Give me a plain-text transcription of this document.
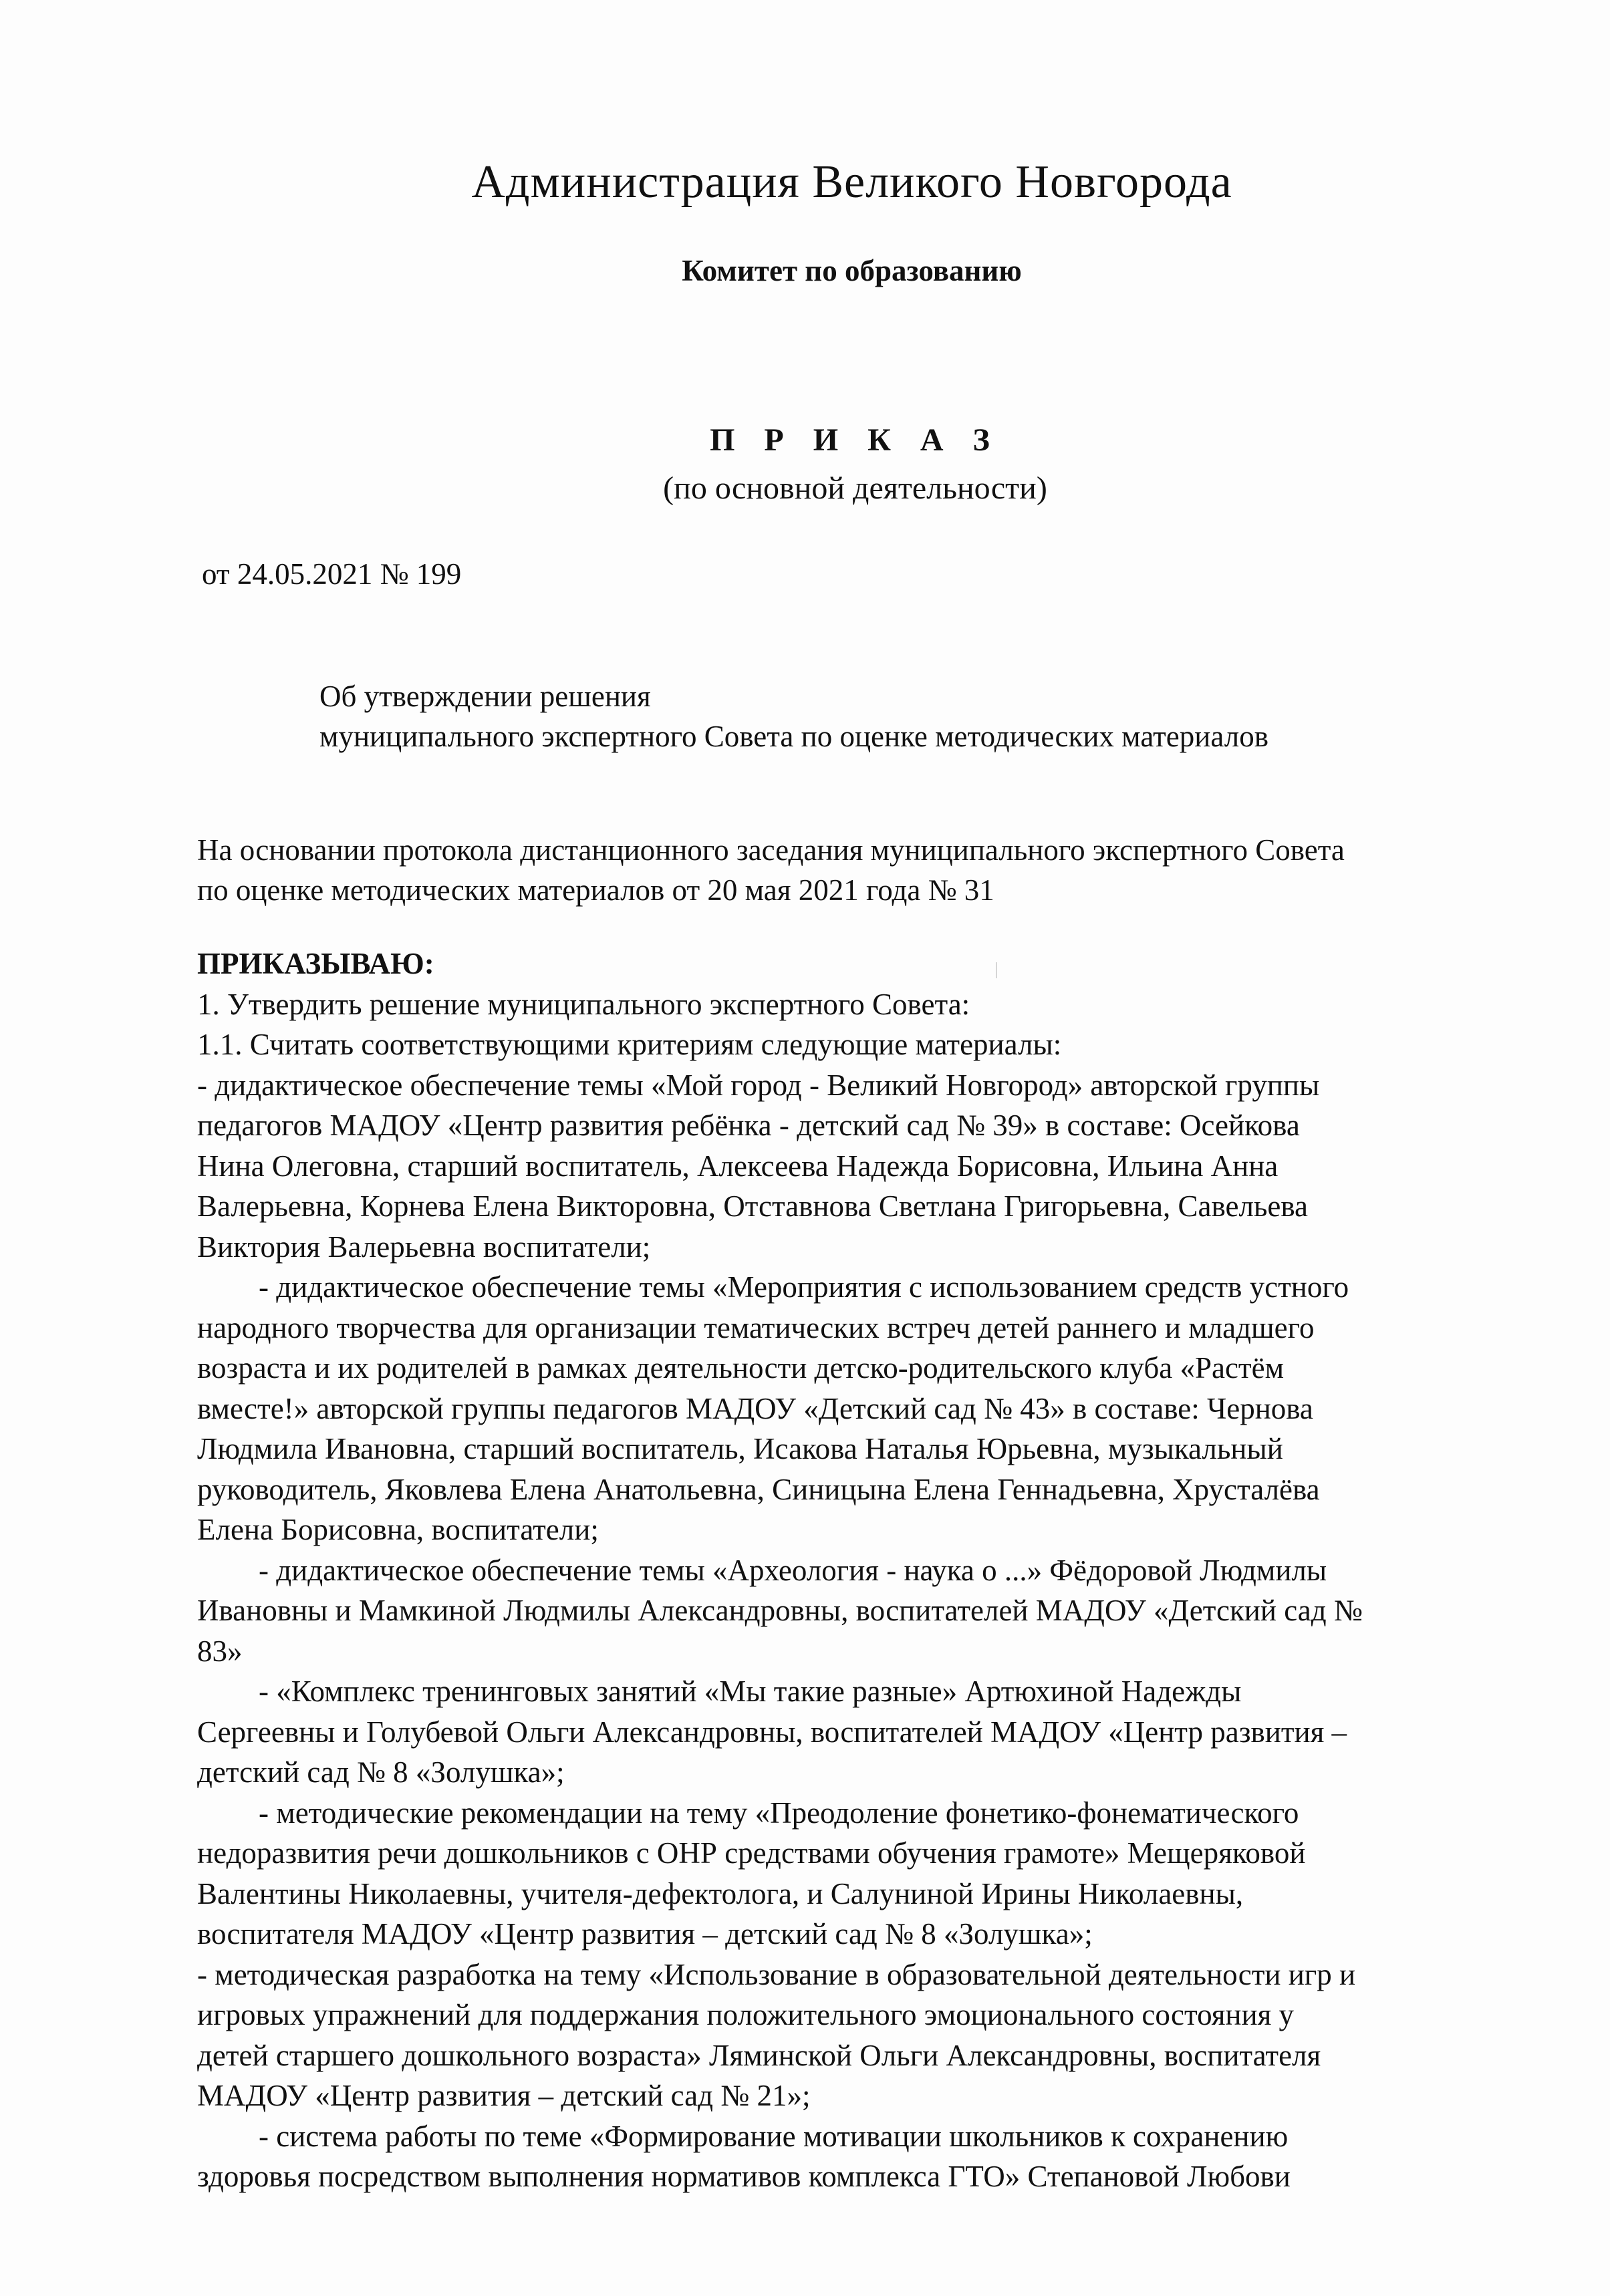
Администрация Великого Новгорода
Комитет по образованию
П Р И К А З
(по основной деятельности)
от 24.05.2021 № 199
Об утверждении решения
муниципального экспертного Совета по оценке методических материалов
На основании протокола дистанционного заседания муниципального экспертного Совета
по оценке методических материалов от 20 мая 2021 года № 31
ПРИКАЗЫВАЮ:
1. Утвердить решение муниципального экспертного Совета:
1.1. Считать соответствующими критериям следующие материалы:
- дидактическое обеспечение темы «Мой город - Великий Новгород» авторской группы
педагогов МАДОУ «Центр развития ребёнка - детский сад № 39» в составе: Осейкова
Нина Олеговна, старший воспитатель, Алексеева Надежда Борисовна, Ильина Анна
Валерьевна, Корнева Елена Викторовна, Отставнова Светлана Григорьевна, Савельева
Виктория Валерьевна воспитатели;
- дидактическое обеспечение темы «Мероприятия с использованием средств устного
народного творчества для организации тематических встреч детей раннего и младшего
возраста и их родителей в рамках деятельности детско-родительского клуба «Растём
вместе!» авторской группы педагогов МАДОУ «Детский сад № 43» в составе: Чернова
Людмила Ивановна, старший воспитатель, Исакова Наталья Юрьевна, музыкальный
руководитель, Яковлева Елена Анатольевна, Синицына Елена Геннадьевна, Хрусталёва
Елена Борисовна, воспитатели;
- дидактическое обеспечение темы «Археология - наука о ...» Фёдоровой Людмилы
Ивановны и Мамкиной Людмилы Александровны, воспитателей МАДОУ «Детский сад №
83»
- «Комплекс тренинговых занятий «Мы такие разные» Артюхиной Надежды
Сергеевны и Голубевой Ольги Александровны, воспитателей МАДОУ «Центр развития –
детский сад № 8 «Золушка»;
- методические рекомендации на тему «Преодоление фонетико-фонематического
недоразвития речи дошкольников с ОНР средствами обучения грамоте» Мещеряковой
Валентины Николаевны, учителя-дефектолога, и Салуниной Ирины Николаевны,
воспитателя МАДОУ «Центр развития – детский сад № 8 «Золушка»;
- методическая разработка на тему «Использование в образовательной деятельности игр и
игровых упражнений для поддержания положительного эмоционального состояния у
детей старшего дошкольного возраста» Ляминской Ольги Александровны, воспитателя
МАДОУ «Центр развития – детский сад № 21»;
- система работы по теме «Формирование мотивации школьников к сохранению
здоровья посредством выполнения нормативов комплекса ГТО» Степановой Любови
